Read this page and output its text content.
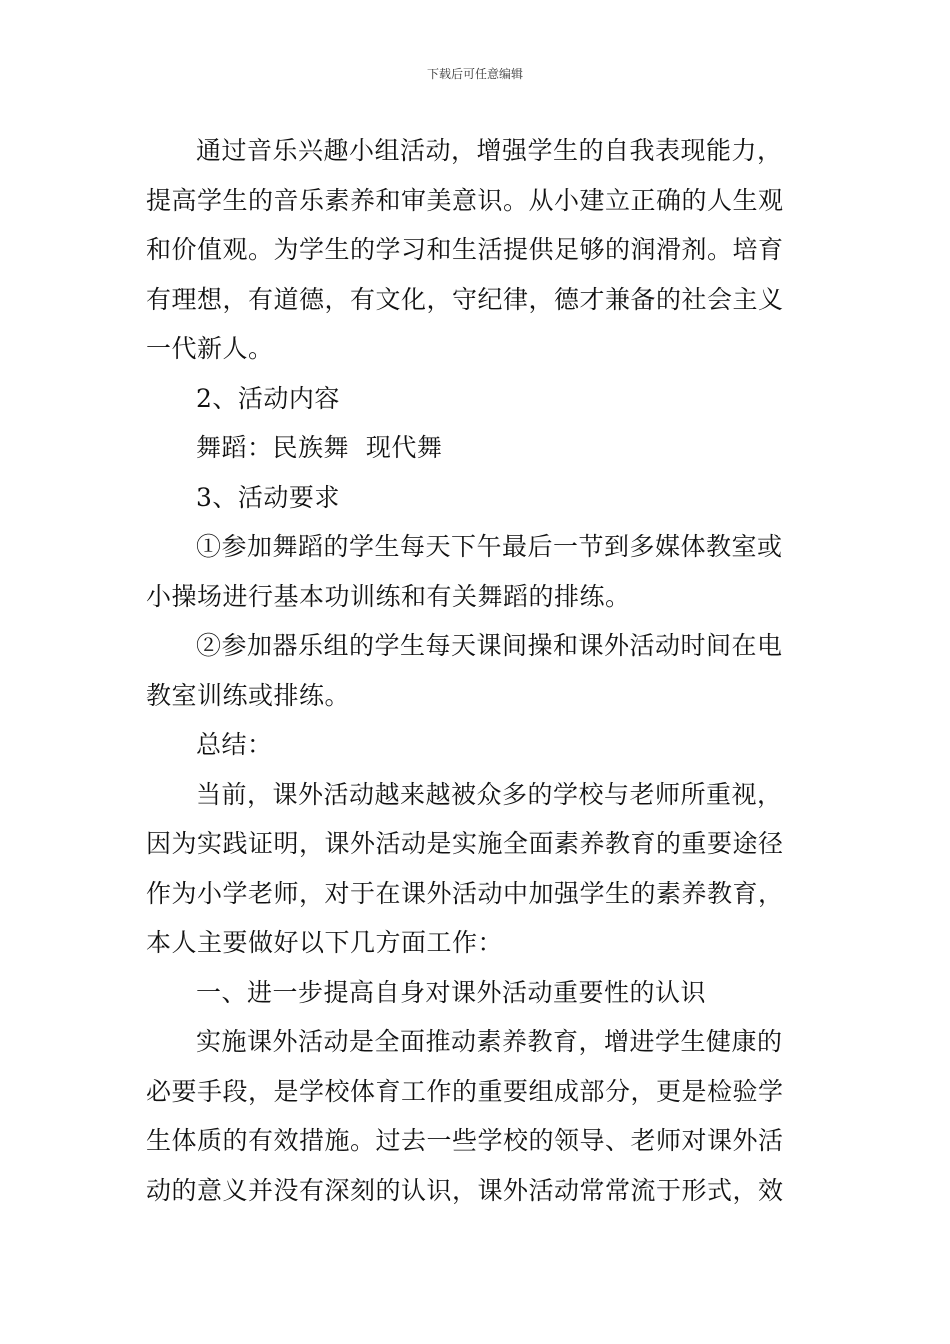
下载后可任意编辑

通过音乐兴趣小组活动，增强学生的自我表现能力，
提高学生的音乐素养和审美意识。从小建立正确的人生观
和价值观。为学生的学习和生活提供足够的润滑剂。培育
有理想，有道德，有文化，守纪律，德才兼备的社会主义
一代新人。

2、活动内容

舞蹈：民族舞  现代舞

3、活动要求

①参加舞蹈的学生每天下午最后一节到多媒体教室或
小操场进行基本功训练和有关舞蹈的排练。

②参加器乐组的学生每天课间操和课外活动时间在电
教室训练或排练。

总结：

当前，课外活动越来越被众多的学校与老师所重视，
因为实践证明，课外活动是实施全面素养教育的重要途径
作为小学老师，对于在课外活动中加强学生的素养教育，
本人主要做好以下几方面工作：

一、进一步提高自身对课外活动重要性的认识

实施课外活动是全面推动素养教育，增进学生健康的
必要手段，是学校体育工作的重要组成部分，更是检验学
生体质的有效措施。过去一些学校的领导、老师对课外活
动的意义并没有深刻的认识，课外活动常常流于形式，效
